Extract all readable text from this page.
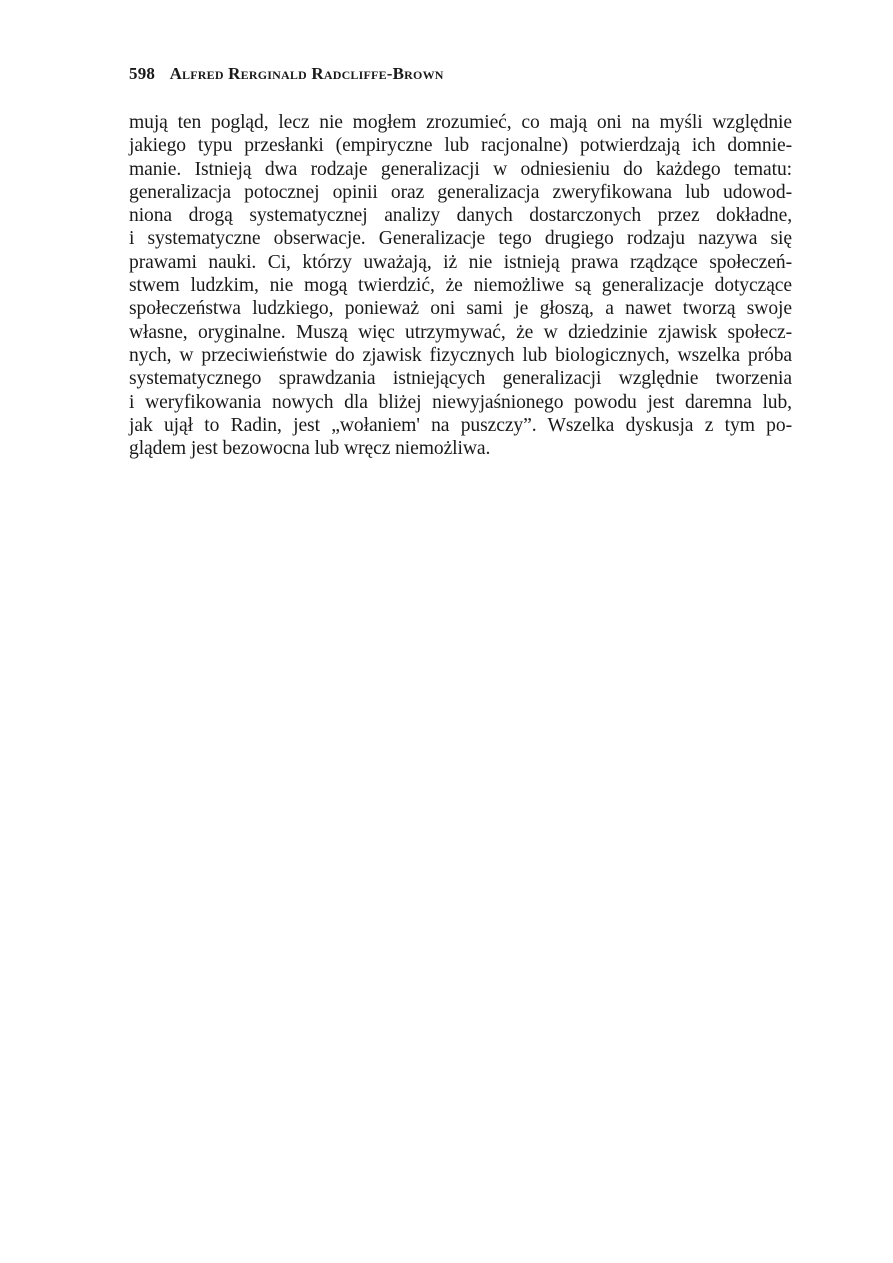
598 Alfred Rerginald Radcliffe-Brown
mują ten pogląd, lecz nie mogłem zrozumieć, co mają oni na myśli względnie
jakiego typu przesłanki (empiryczne lub racjonalne) potwierdzają ich domnie-
manie. Istnieją dwa rodzaje generalizacji w odniesieniu do każdego tematu:
generalizacja potocznej opinii oraz generalizacja zweryfikowana lub udowod-
niona drogą systematycznej analizy danych dostarczonych przez dokładne,
i systematyczne obserwacje. Generalizacje tego drugiego rodzaju nazywa się
prawami nauki. Ci, którzy uważają, iż nie istnieją prawa rządzące społeczeń-
stwem ludzkim, nie mogą twierdzić, że niemożliwe są generalizacje dotyczące
społeczeństwa ludzkiego, ponieważ oni sami je głoszą, a nawet tworzą swoje
własne, oryginalne. Muszą więc utrzymywać, że w dziedzinie zjawisk społecz-
nych, w przeciwieństwie do zjawisk fizycznych lub biologicznych, wszelka próba
systematycznego sprawdzania istniejących generalizacji względnie tworzenia
i weryfikowania nowych dla bliżej niewyjaśnionego powodu jest daremna lub,
jak ujął to Radin, jest „wołaniem' na puszczy”. Wszelka dyskusja z tym po-
glądem jest bezowocna lub wręcz niemożliwa.
